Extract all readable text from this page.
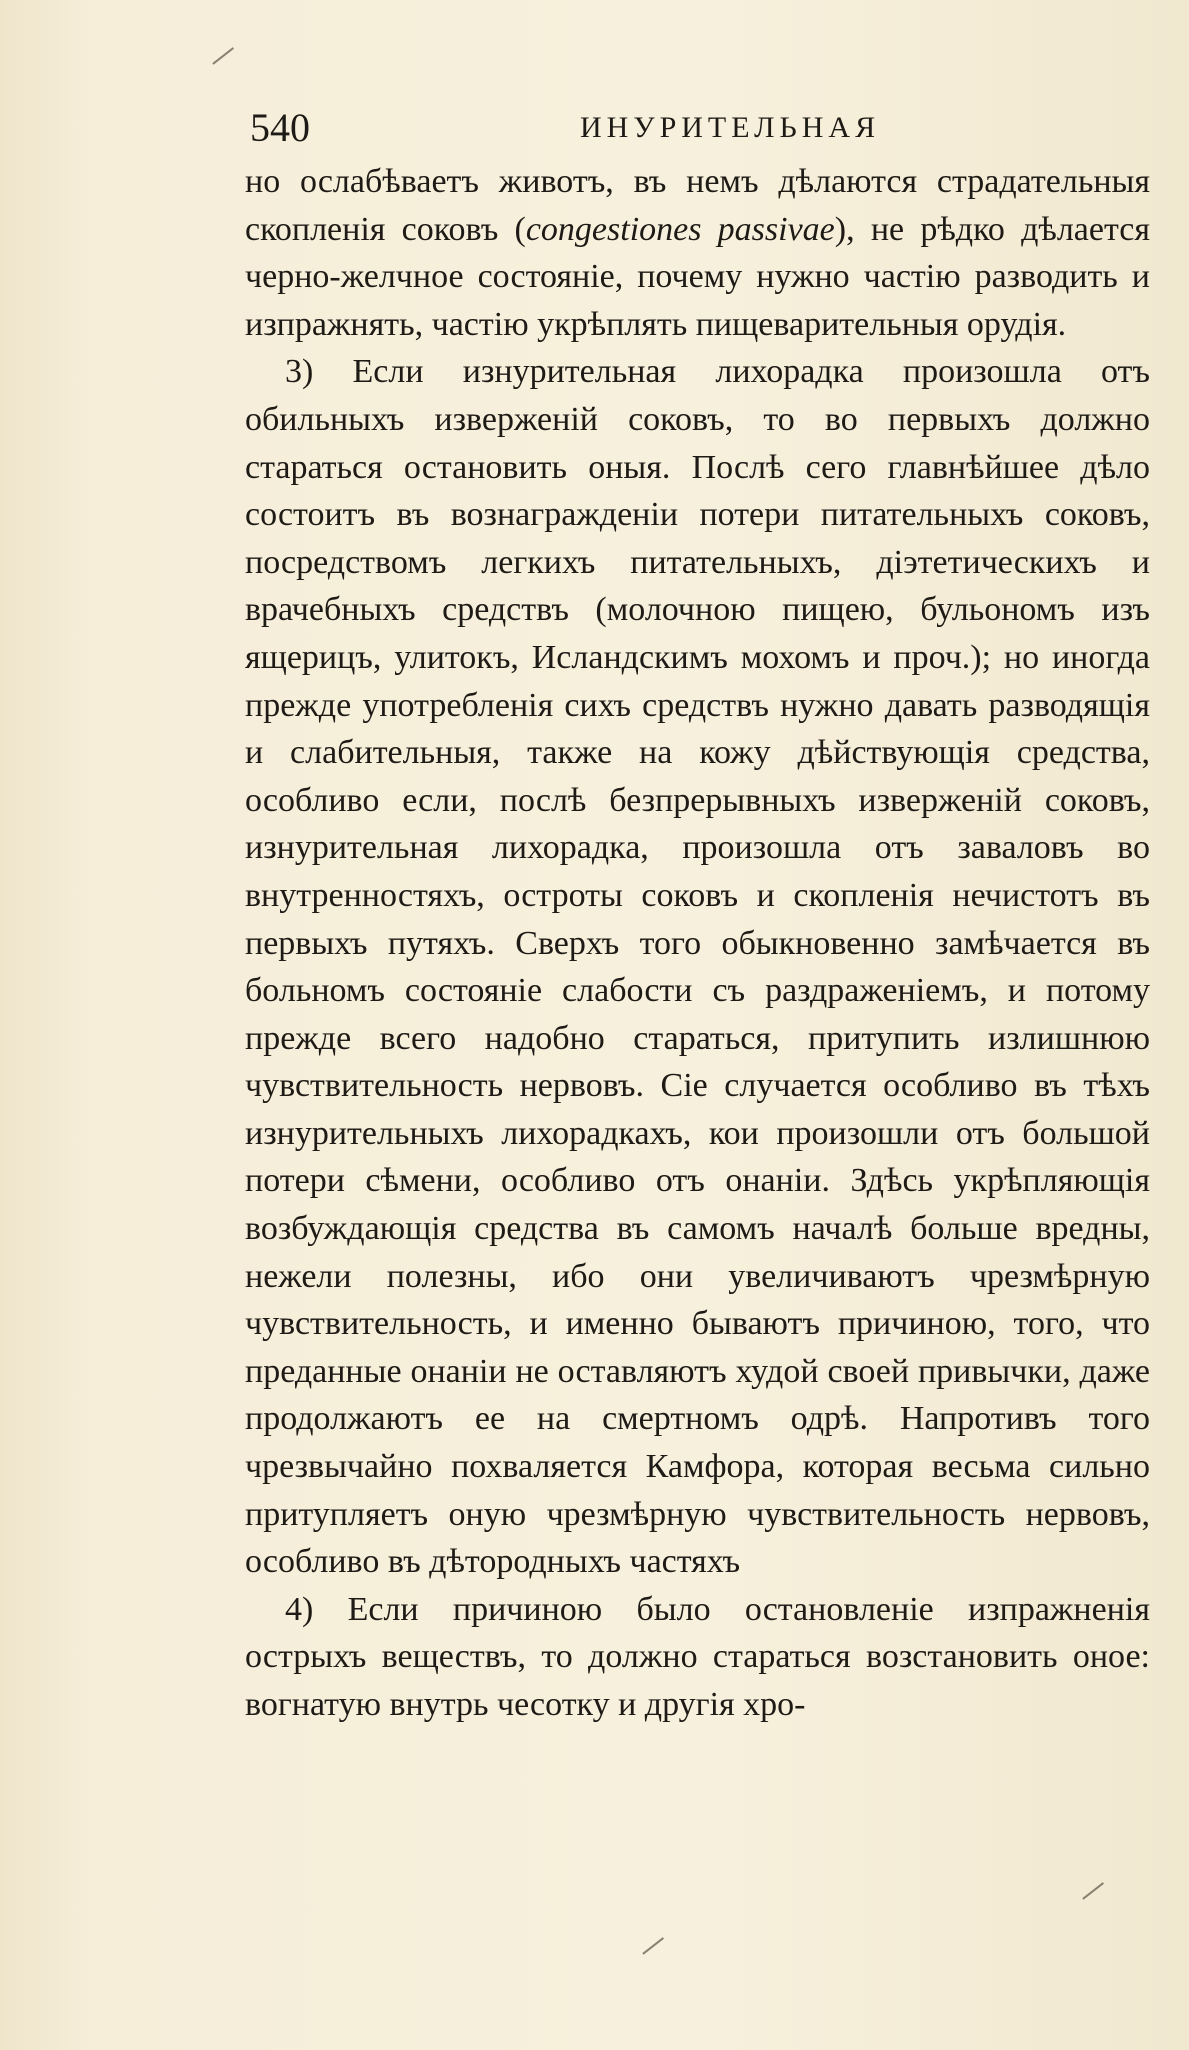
540	ИНУРИТЕЛЬНАЯ

но ослабѣваетъ животъ, въ немъ дѣлаются страдательныя скопленія соковъ (congestiones passivae), не рѣдко дѣлается черно-желчное состояніе, почему нужно частію разводить и изпражнять, частію укрѣплять пищеварительныя орудія.

3) Если изнурительная лихорадка произошла отъ обильныхъ изверженій соковъ, то во первыхъ должно стараться остановить оныя. Послѣ сего главнѣйшее дѣло состоитъ въ вознагражденіи потери питательныхъ соковъ, посредствомъ легкихъ питательныхъ, діэтетическихъ и врачебныхъ средствъ (молочною пищею, бульономъ изъ ящерицъ, улитокъ, Исландскимъ мохомъ и проч.); но иногда прежде употребленія сихъ средствъ нужно давать разводящія и слабительныя, также на кожу дѣйствующія средства, особливо если, послѣ безпрерывныхъ изверженій соковъ, изнурительная лихорадка, произошла отъ заваловъ во внутренностяхъ, остроты соковъ и скопленія нечистотъ въ первыхъ путяхъ. Сверхъ того обыкновенно замѣчается въ больномъ состояніе слабости съ раздраженіемъ, и потому прежде всего надобно стараться, притупить излишнюю чувствительность нервовъ. Сіе случается особливо въ тѣхъ изнурительныхъ лихорадкахъ, кои произошли отъ большой потери сѣмени, особливо отъ онаніи. Здѣсь укрѣпляющія возбуждающія средства въ самомъ началѣ больше вредны, нежели полезны, ибо они увеличиваютъ чрезмѣрную чувствительность, и именно бываютъ причиною, того, что преданные онаніи не оставляютъ худой своей привычки, даже продолжаютъ ее на смертномъ одрѣ. Напротивъ того чрезвычайно похваляется Камфора, которая весьма сильно притупляетъ оную чрезмѣрную чувствительность нервовъ, особливо въ дѣтородныхъ частяхъ

4) Если причиною было остановленіе изпражненія острыхъ веществъ, то должно стараться возстановить оное: вогнатую внутрь чесотку и другія хро-
